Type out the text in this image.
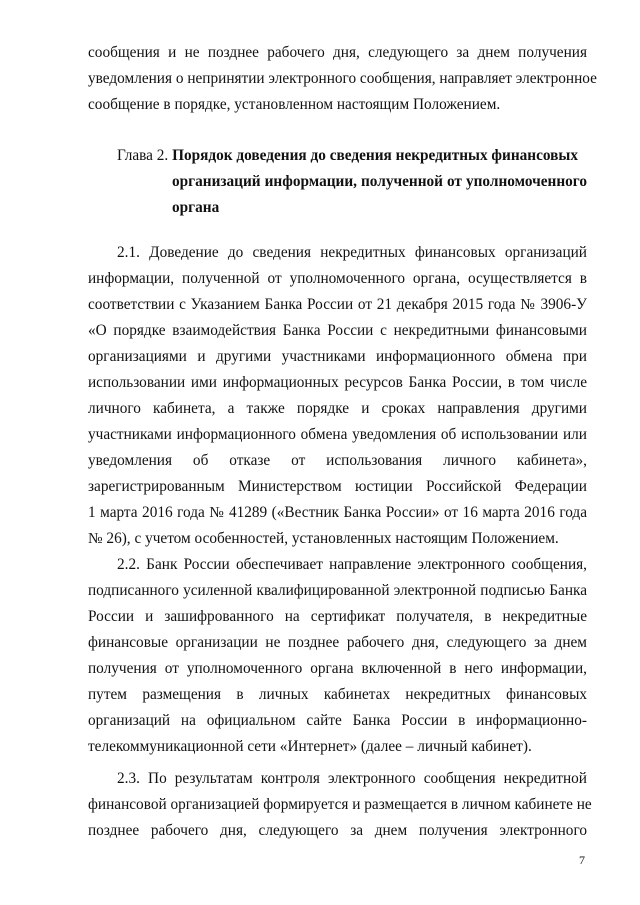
сообщения и не позднее рабочего дня, следующего за днем получения
уведомления о непринятии электронного сообщения, направляет электронное
сообщение в порядке, установленном настоящим Положением.
Глава 2. Порядок доведения до сведения некредитных финансовых
организаций информации, полученной от уполномоченного
органа
2.1. Доведение до сведения некредитных финансовых организаций
информации, полученной от уполномоченного органа, осуществляется в
соответствии с Указанием Банка России от 21 декабря 2015 года № 3906-У
«О порядке взаимодействия Банка России с некредитными финансовыми
организациями и другими участниками информационного обмена при
использовании ими информационных ресурсов Банка России, в том числе
личного кабинета, а также порядке и сроках направления другими
участниками информационного обмена уведомления об использовании или
уведомления об отказе от использования личного кабинета»,
зарегистрированным Министерством юстиции Российской Федерации
1 марта 2016 года № 41289 («Вестник Банка России» от 16 марта 2016 года
№ 26), с учетом особенностей, установленных настоящим Положением.
2.2. Банк России обеспечивает направление электронного сообщения,
подписанного усиленной квалифицированной электронной подписью Банка
России и зашифрованного на сертификат получателя, в некредитные
финансовые организации не позднее рабочего дня, следующего за днем
получения от уполномоченного органа включенной в него информации,
путем размещения в личных кабинетах некредитных финансовых
организаций на официальном сайте Банка России в информационно-
телекоммуникационной сети «Интернет» (далее – личный кабинет).
2.3. По результатам контроля электронного сообщения некредитной
финансовой организацией формируется и размещается в личном кабинете не
позднее рабочего дня, следующего за днем получения электронного
7
